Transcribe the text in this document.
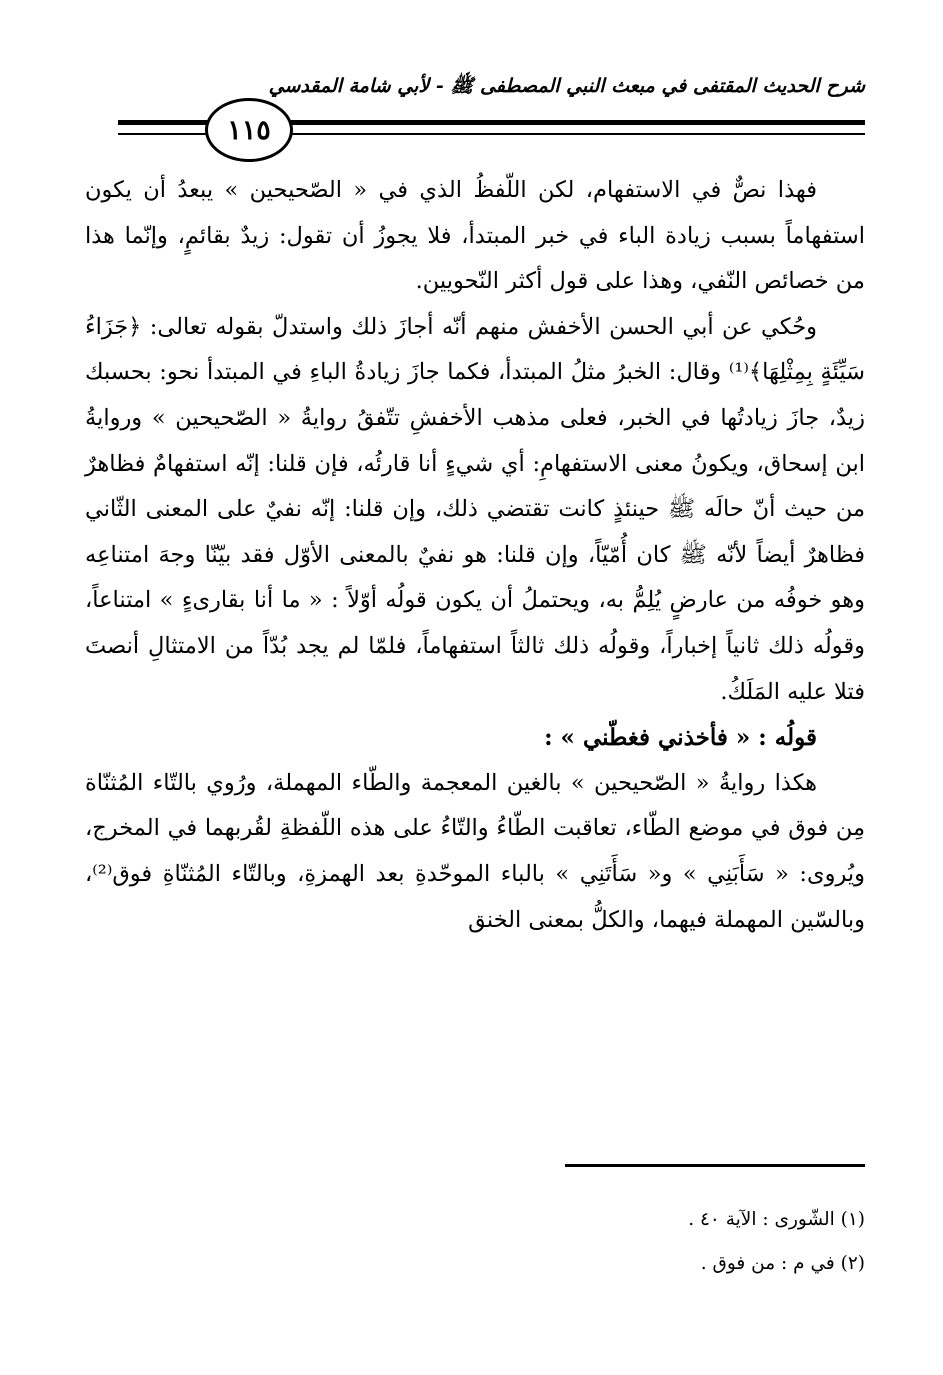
شرح الحديث المقتفى في مبعث النبي المصطفى ﷺ - لأبي شامة المقدسي
١١٥

فهذا نصٌّ في الاستفهام، لكن اللّفظُ الذي في « الصّحيحين » يبعدُ أن يكون استفهاماً بسبب زيادة الباء في خبر المبتدأ، فلا يجوزُ أن تقول: زيدٌ بقائمٍ، وإنّما هذا من خصائص النّفي، وهذا على قول أكثر النّحويين.

وحُكي عن أبي الحسن الأخفش منهم أنّه أجازَ ذلك واستدلّ بقوله تعالى: ﴿جَزَاءُ سَيِّئَةٍ بِمِثْلِهَا﴾⁽¹⁾ وقال: الخبرُ مثلُ المبتدأ، فكما جازَ زيادةُ الباءِ في المبتدأ نحو: بحسبك زيدٌ، جازَ زيادتُها في الخبر، فعلى مذهب الأخفشِ تتّفقُ روايةُ « الصّحيحين » وروايةُ ابن إسحاق، ويكونُ معنى الاستفهامِ: أي شيءٍ أنا قارئُه، فإن قلنا: إنّه استفهامٌ فظاهرٌ من حيث أنّ حالَه ﷺ حينئذٍ كانت تقتضي ذلك، وإن قلنا: إنّه نفيٌ على المعنى الثّاني فظاهرٌ أيضاً لأنّه ﷺ كان أُمّيّاً، وإن قلنا: هو نفيٌ بالمعنى الأوّل فقد بيّنّا وجهَ امتناعِه وهو خوفُه من عارضٍ يُلِمُّ به، ويحتملُ أن يكون قولُه أوّلاً : « ما أنا بقارىءٍ » امتناعاً، وقولُه ذلك ثانياً إخباراً، وقولُه ذلك ثالثاً استفهاماً، فلمّا لم يجد بُدّاً من الامتثالِ أنصتَ فتلا عليه المَلَكُ.

قولُه : « فأخذني فغطّني » :

هكذا روايةُ « الصّحيحين » بالغين المعجمة والطّاء المهملة، ورُوي بالتّاء المُثنّاة مِن فوق في موضع الطّاء، تعاقبت الطّاءُ والتّاءُ على هذه اللّفظةِ لقُربهما في المخرج، ويُروى: « سَأَبَنِي » و« سَأَتَنِي » بالباء الموحّدةِ بعد الهمزةِ، وبالتّاء المُثنّاةِ فوق⁽²⁾، وبالسّين المهملة فيهما، والكلُّ بمعنى الخنق

(١) الشّورى : الآية ٤٠ .
(٢) في م : من فوق .
